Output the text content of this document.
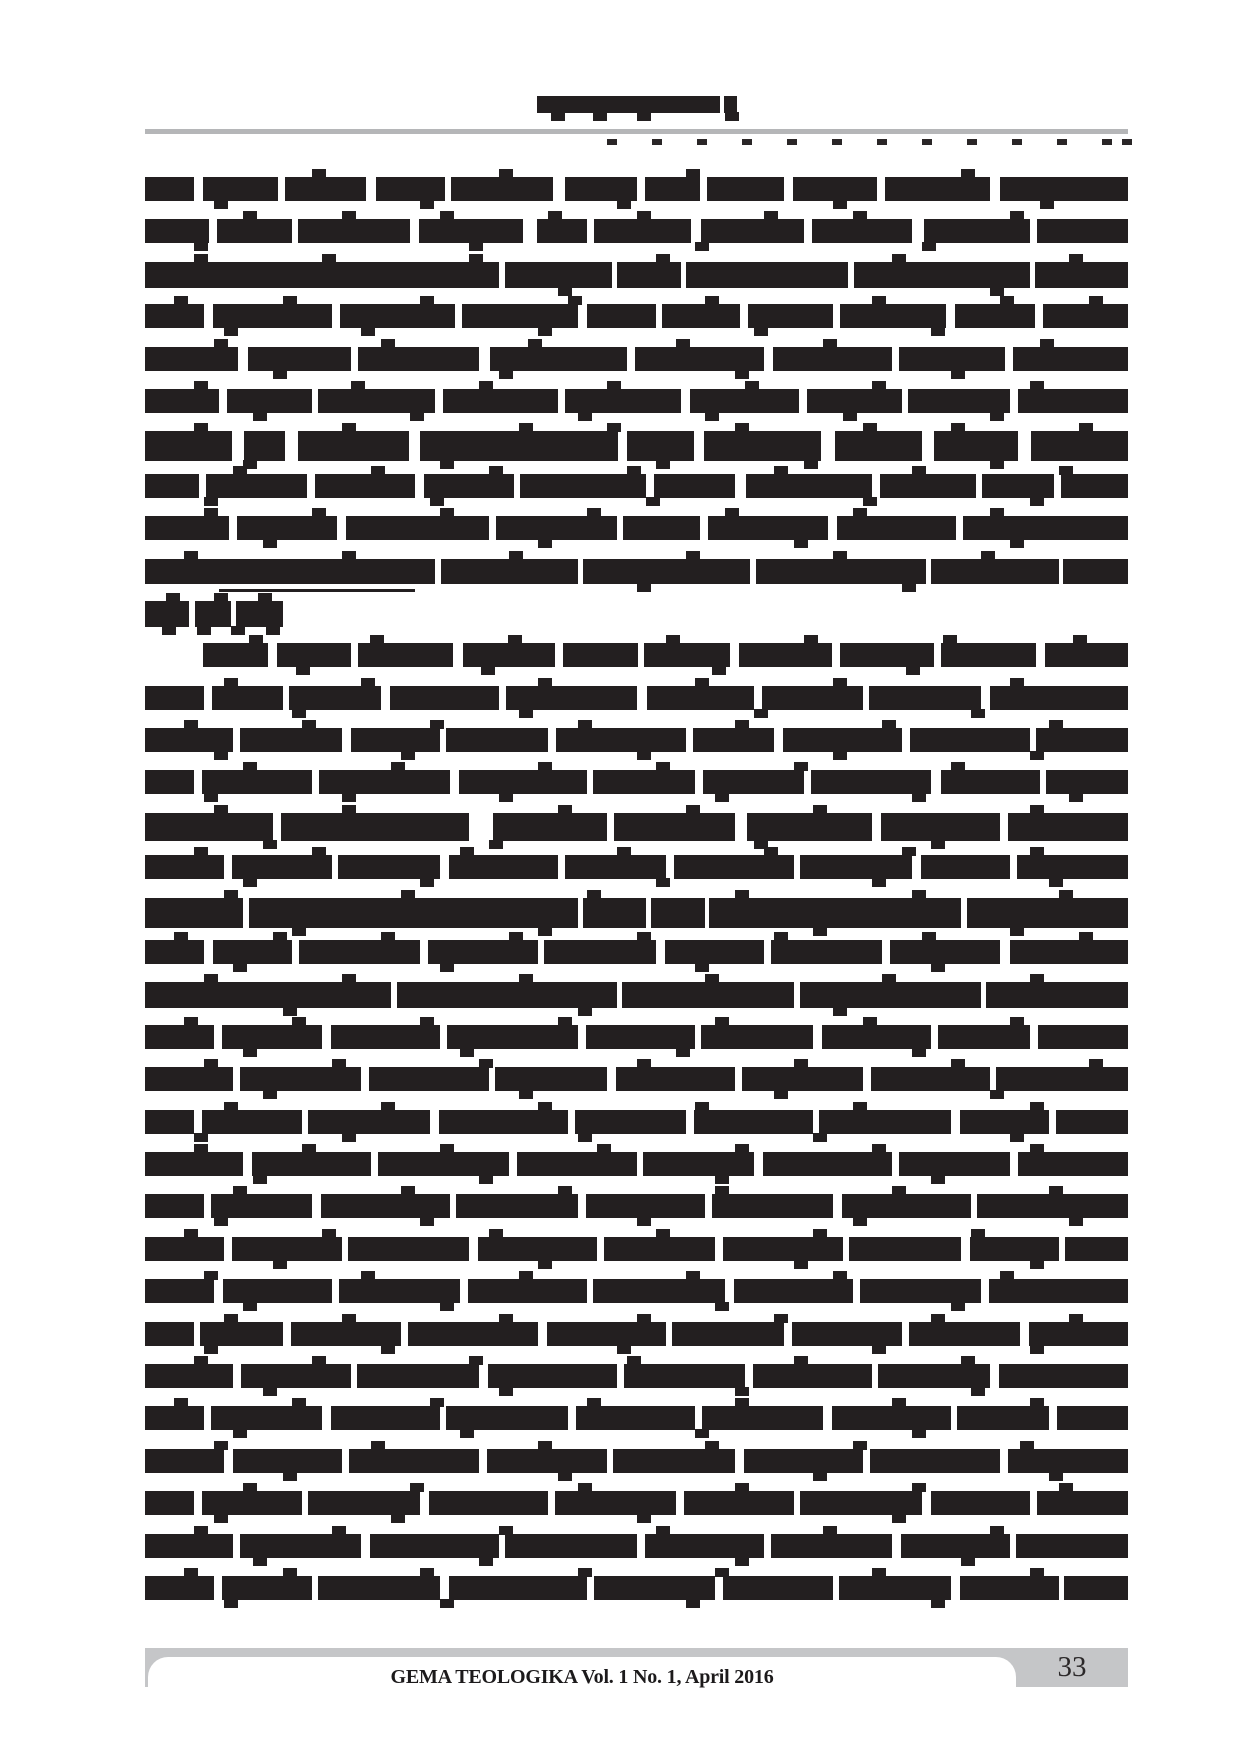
GEMA TEOLOGIKA Vol. 1 No. 1, April 2016	33
